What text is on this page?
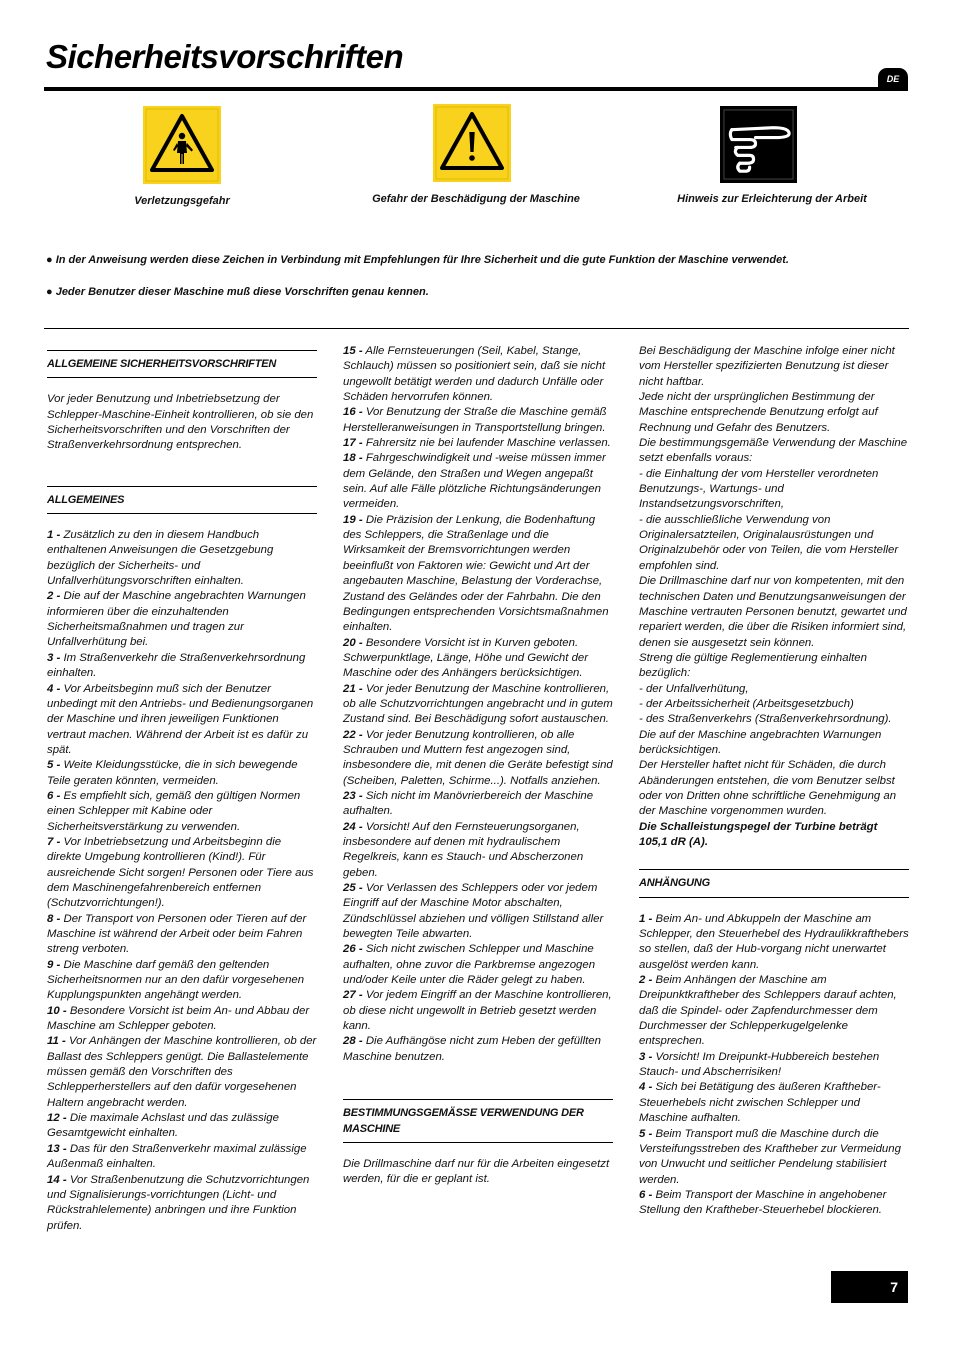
Sicherheitsvorschriften
DE
Verletzungsgefahr	Gefahr der Beschädigung der Maschine	Hinweis zur Erleichterung der Arbeit
● In der Anweisung werden diese Zeichen in Verbindung mit Empfehlungen für Ihre Sicherheit und die gute Funktion der Maschine verwendet.
● Jeder Benutzer dieser Maschine muß diese Vorschriften genau kennen.
ALLGEMEINE SICHERHEITSVORSCHRIFTEN

Vor jeder Benutzung und Inbetriebsetzung der Schlepper-Maschine-Einheit kontrollieren, ob sie den Sicherheitsvorschriften und den Vorschriften der Straßenverkehrsordnung entsprechen.

ALLGEMEINES

1 - Zusätzlich zu den in diesem Handbuch enthaltenen Anweisungen die Gesetzgebung bezüglich der Sicherheits- und Unfallverhütungsvorschriften einhalten.

2 - Die auf der Maschine angebrachten Warnungen informieren über die einzuhaltenden Sicherheitsmaßnahmen und tragen zur Unfallverhütung bei.

3 - Im Straßenverkehr die Straßenverkehrsordnung einhalten.

4 - Vor Arbeitsbeginn muß sich der Benutzer unbedingt mit den Antriebs- und Bedienungsorganen der Maschine und ihren jeweiligen Funktionen vertraut machen. Während der Arbeit ist es dafür zu spät.

5 - Weite Kleidungsstücke, die in sich bewegende Teile geraten könnten, vermeiden.

6 - Es empfiehlt sich, gemäß den gültigen Normen einen Schlepper mit Kabine oder Sicherheitsverstärkung zu verwenden.

7 - Vor Inbetriebsetzung und Arbeitsbeginn die direkte Umgebung kontrollieren (Kind!). Für ausreichende Sicht sorgen! Personen oder Tiere aus dem Maschinengefahrenbereich entfernen (Schutzvorrichtungen!).

8 - Der Transport von Personen oder Tieren auf der Maschine ist während der Arbeit oder beim Fahren streng verboten.

9 - Die Maschine darf gemäß den geltenden Sicherheitsnormen nur an den dafür vorgesehenen Kupplungspunkten angehängt werden.

10 - Besondere Vorsicht ist beim An- und Abbau der Maschine am Schlepper geboten.

11 - Vor Anhängen der Maschine kontrollieren, ob der Ballast des Schleppers genügt. Die Ballastelemente müssen gemäß den Vorschriften des Schlepperherstellers auf den dafür vorgesehenen Haltern angebracht werden.

12 - Die maximale Achslast und das zulässige Gesamtgewicht einhalten.

13 - Das für den Straßenverkehr maximal zulässige Außenmaß einhalten.

14 - Vor Straßenbenutzung die Schutzvorrichtungen und Signalisierungs-vorrichtungen (Licht- und Rückstrahlelemente) anbringen und ihre Funktion prüfen.

15 - Alle Fernsteuerungen (Seil, Kabel, Stange, Schlauch) müssen so positioniert sein, daß sie nicht ungewollt betätigt werden und dadurch Unfälle oder Schäden hervorrufen können.

16 - Vor Benutzung der Straße die Maschine gemäß Herstelleranweisungen in Transportstellung bringen.

17 - Fahrersitz nie bei laufender Maschine verlassen.

18 - Fahrgeschwindigkeit und -weise müssen immer dem Gelände, den Straßen und Wegen angepaßt sein. Auf alle Fälle plötzliche Richtungsänderungen vermeiden.

19 - Die Präzision der Lenkung, die Bodenhaftung des Schleppers, die Straßenlage und die Wirksamkeit der Bremsvorrichtungen werden beeinflußt von Faktoren wie: Gewicht und Art der angebauten Maschine, Belastung der Vorderachse, Zustand des Geländes oder der Fahrbahn. Die den Bedingungen entsprechenden Vorsichtsmaßnahmen einhalten.

20 - Besondere Vorsicht ist in Kurven geboten. Schwerpunktlage, Länge, Höhe und Gewicht der Maschine oder des Anhängers berücksichtigen.

21 - Vor jeder Benutzung der Maschine kontrollieren, ob alle Schutzvorrichtungen angebracht und in gutem Zustand sind. Bei Beschädigung sofort austauschen.

22 - Vor jeder Benutzung kontrollieren, ob alle Schrauben und Muttern fest angezogen sind, insbesondere die, mit denen die Geräte befestigt sind (Scheiben, Paletten, Schirme...). Notfalls anziehen.

23 - Sich nicht im Manövrierbereich der Maschine aufhalten.

24 - Vorsicht! Auf den Fernsteuerungsorganen, insbesondere auf denen mit hydraulischem Regelkreis, kann es Stauch- und Abscherzonen geben.

25 - Vor Verlassen des Schleppers oder vor jedem Eingriff auf der Maschine Motor abschalten, Zündschlüssel abziehen und völligen Stillstand aller bewegten Teile abwarten.

26 - Sich nicht zwischen Schlepper und Maschine aufhalten, ohne zuvor die Parkbremse angezogen und/oder Keile unter die Räder gelegt zu haben.

27 - Vor jedem Eingriff an der Maschine kontrollieren, ob diese nicht ungewollt in Betrieb gesetzt werden kann.

28 - Die Aufhängöse nicht zum Heben der gefüllten Maschine benutzen.

BESTIMMUNGSGEMÄSSE VERWENDUNG DER MASCHINE

Die Drillmaschine darf nur für die Arbeiten eingesetzt werden, für die er geplant ist.

Bei Beschädigung der Maschine infolge einer nicht vom Hersteller spezifizierten Benutzung ist dieser nicht haftbar.

Jede nicht der ursprünglichen Bestimmung der Maschine entsprechende Benutzung erfolgt auf Rechnung und Gefahr des Benutzers.

Die bestimmungsgemäße Verwendung der Maschine setzt ebenfalls voraus:

- die Einhaltung der vom Hersteller verordneten Benutzungs-, Wartungs- und Instandsetzungsvorschriften,

- die ausschließliche Verwendung von Originalersatzteilen, Originalausrüstungen und Originalzubehör oder von Teilen, die vom Hersteller empfohlen sind.

Die Drillmaschine darf nur von kompetenten, mit den technischen Daten und Benutzungsanweisungen der Maschine vertrauten Personen benutzt, gewartet und repariert werden, die über die Risiken informiert sind, denen sie ausgesetzt sein können.

Streng die gültige Reglementierung einhalten bezüglich:

- der Unfallverhütung,

- der Arbeitssicherheit (Arbeitsgesetzbuch)

- des Straßenverkehrs (Straßenverkehrsordnung).

Die auf der Maschine angebrachten Warnungen berücksichtigen.

Der Hersteller haftet nicht für Schäden, die durch Abänderungen entstehen, die vom Benutzer selbst oder von Dritten ohne schriftliche Genehmigung an der Maschine vorgenommen wurden.

Die Schalleistungspegel der Turbine beträgt 105,1 dR (A).

ANHÄNGUNG

1 - Beim An- und Abkuppeln der Maschine am Schlepper, den Steuerhebel des Hydraulikkrafthebers so stellen, daß der Hub-vorgang nicht unerwartet ausgelöst werden kann.

2 - Beim Anhängen der Maschine am Dreipunktkraftheber des Schleppers darauf achten, daß die Spindel- oder Zapfendurchmesser dem Durchmesser der Schlepperkugelgelenke entsprechen.

3 - Vorsicht! Im Dreipunkt-Hubbereich bestehen Stauch- und Abscherrisiken!

4 - Sich bei Betätigung des äußeren Kraftheber-Steuerhebels nicht zwischen Schlepper und Maschine aufhalten.

5 - Beim Transport muß die Maschine durch die Versteifungsstreben des Kraftheber zur Vermeidung von Unwucht und seitlicher Pendelung stabilisiert werden.

6 - Beim Transport der Maschine in angehobener Stellung den Kraftheber-Steuerhebel blockieren.

7
